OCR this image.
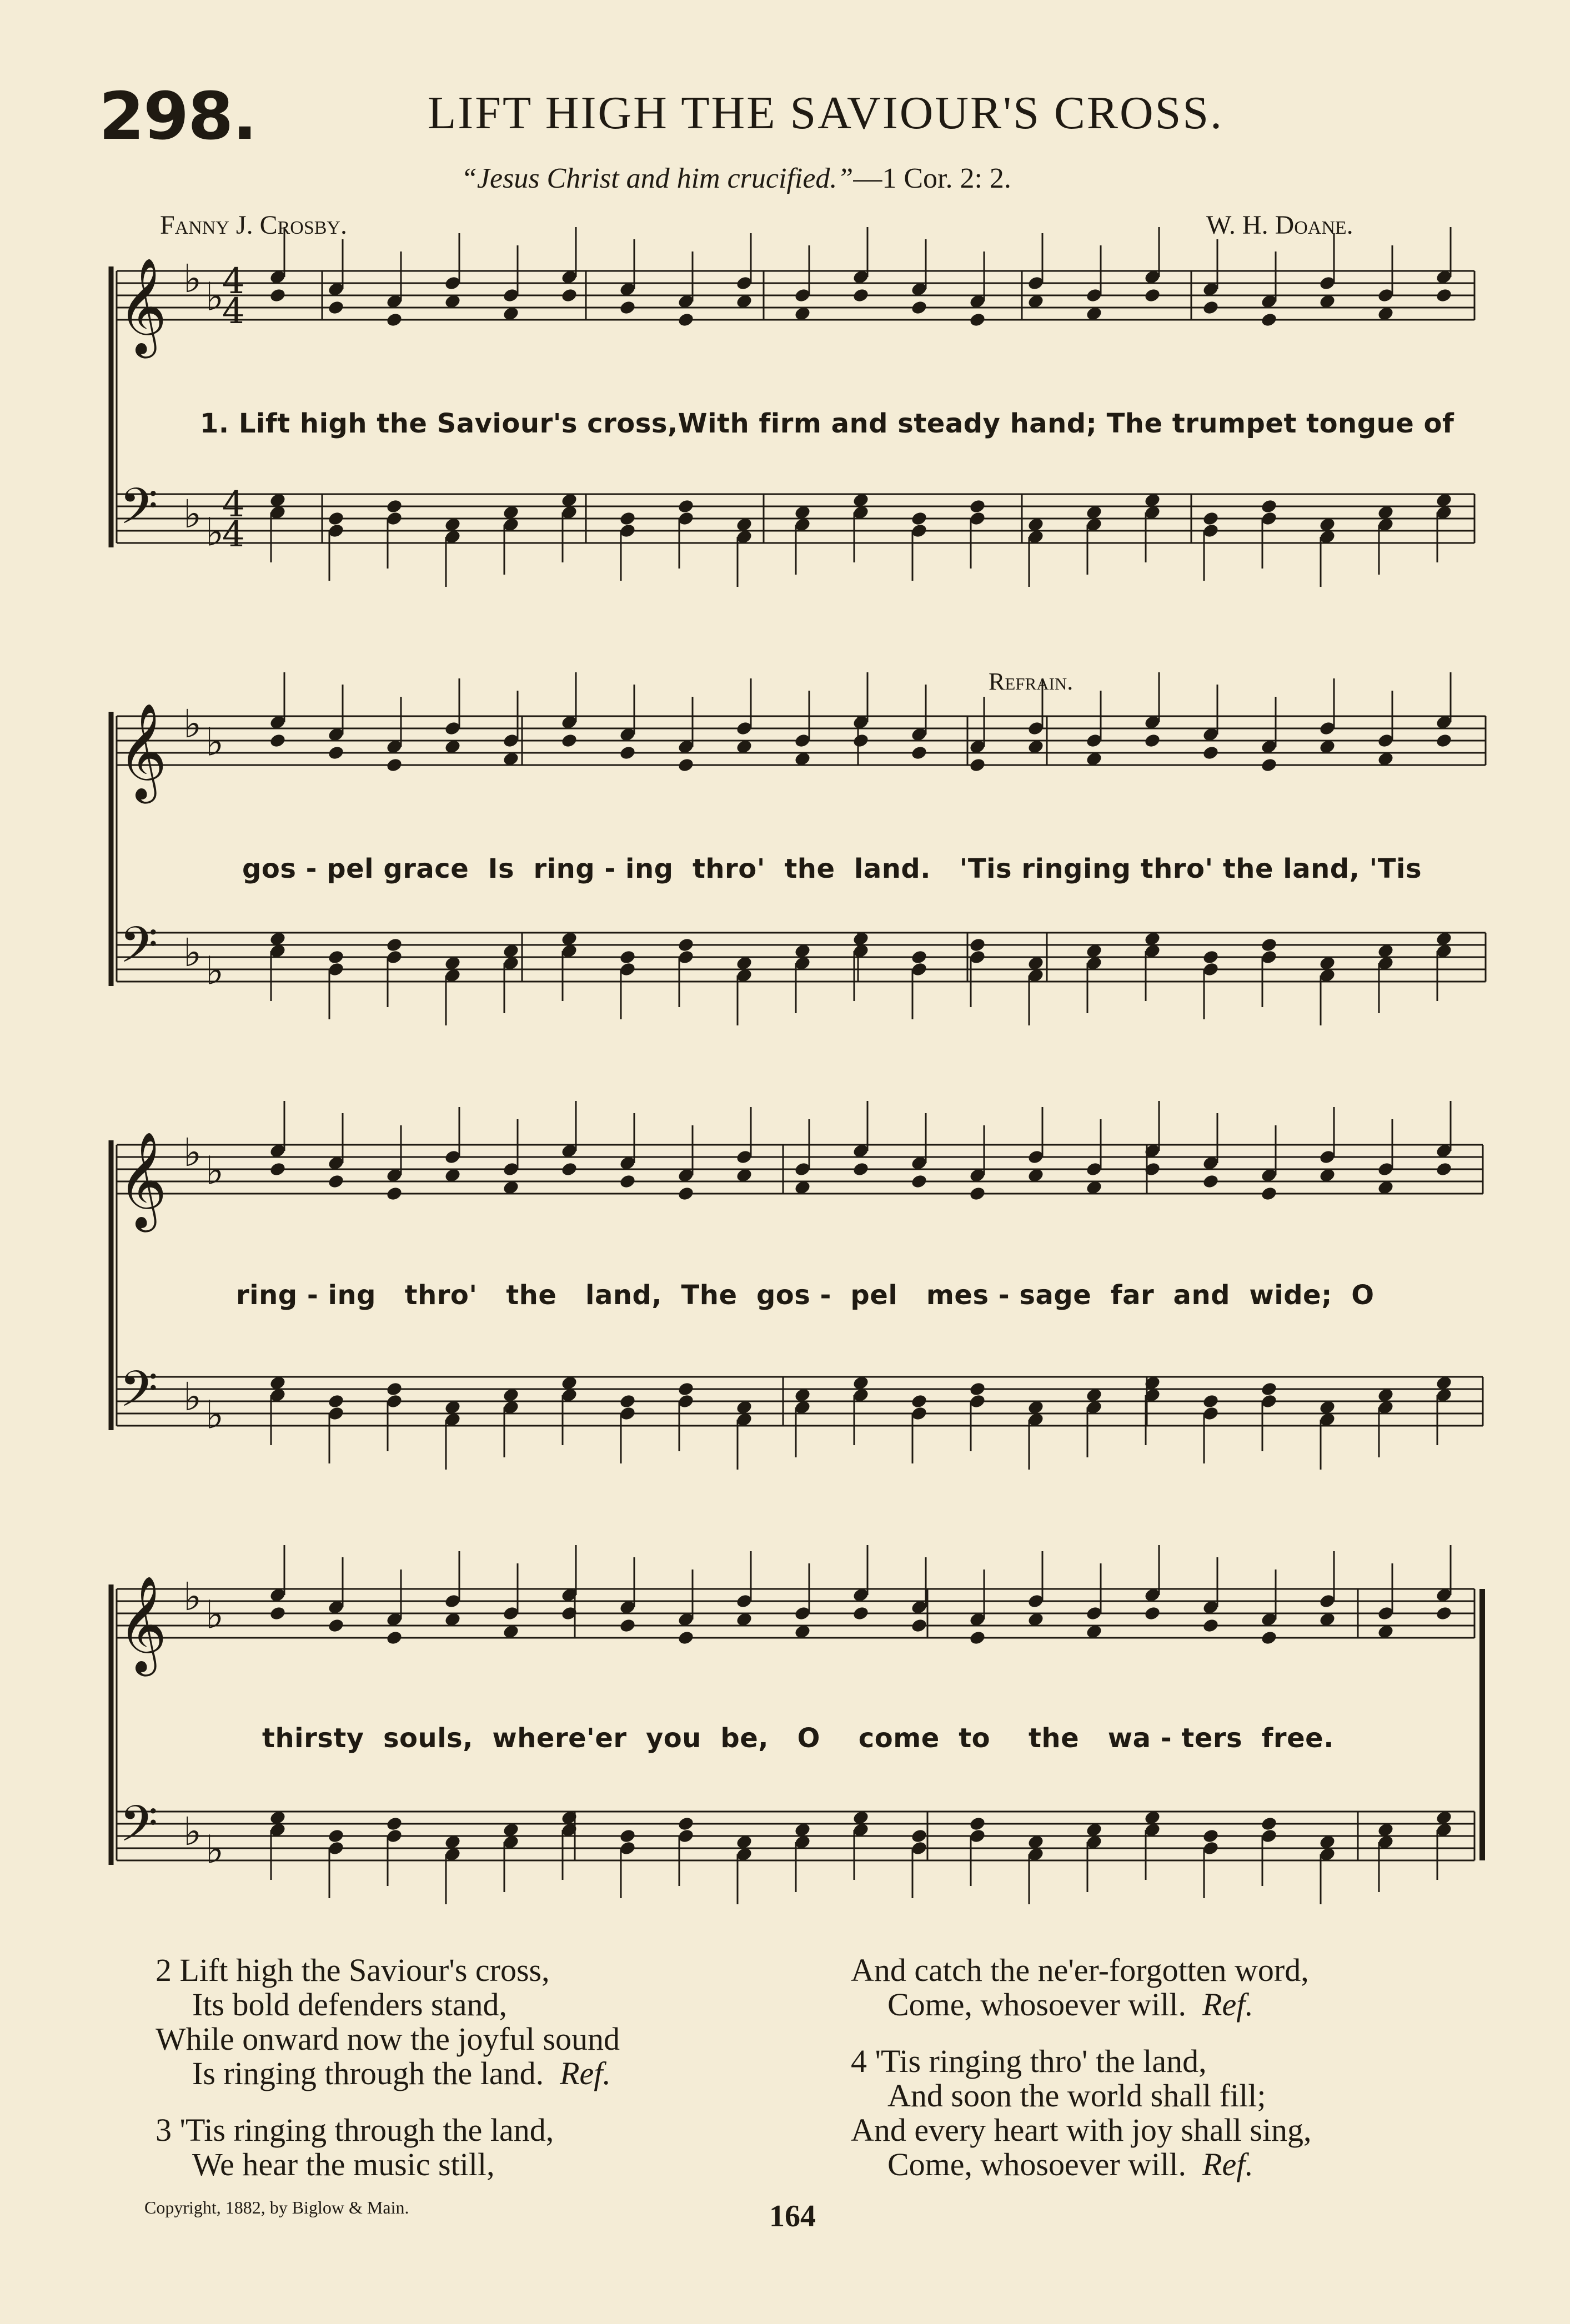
298.	LIFT HIGH THE SAVIOUR'S CROSS.
“Jesus Christ and him crucified.”—1 Cor. 2: 2.
Fanny J. Crosby.	W. H. Doane.
Refrain.
𝄞 ♭ ♭
4
4
𝄢 ♭ ♭
4
4
𝄞 ♭ ♭
𝄢 ♭ ♭
𝄞 ♭ ♭
𝄢 ♭ ♭
𝄞 ♭ ♭
𝄢 ♭ ♭
1. Lift high the Saviour's cross,With firm and steady hand; The trumpet tongue of
gos - pel grace  Is  ring - ing  thro'  the  land.   'Tis ringing thro' the land, 'Tis
ring - ing   thro'   the   land,  The  gos -  pel   mes - sage  far  and  wide;  O
thirsty  souls,  where'er  you  be,   O    come  to    the   wa - ters  free.
2 Lift high the Saviour's cross,
Its bold defenders stand,
While onward now the joyful sound
Is ringing through the land.  Ref.
3 'Tis ringing through the land,
We hear the music still,
And catch the ne'er-forgotten word,
Come, whosoever will.  Ref.
4 'Tis ringing thro' the land,
And soon the world shall fill;
And every heart with joy shall sing,
Come, whosoever will.  Ref.
Copyright, 1882, by Biglow & Main.	164
